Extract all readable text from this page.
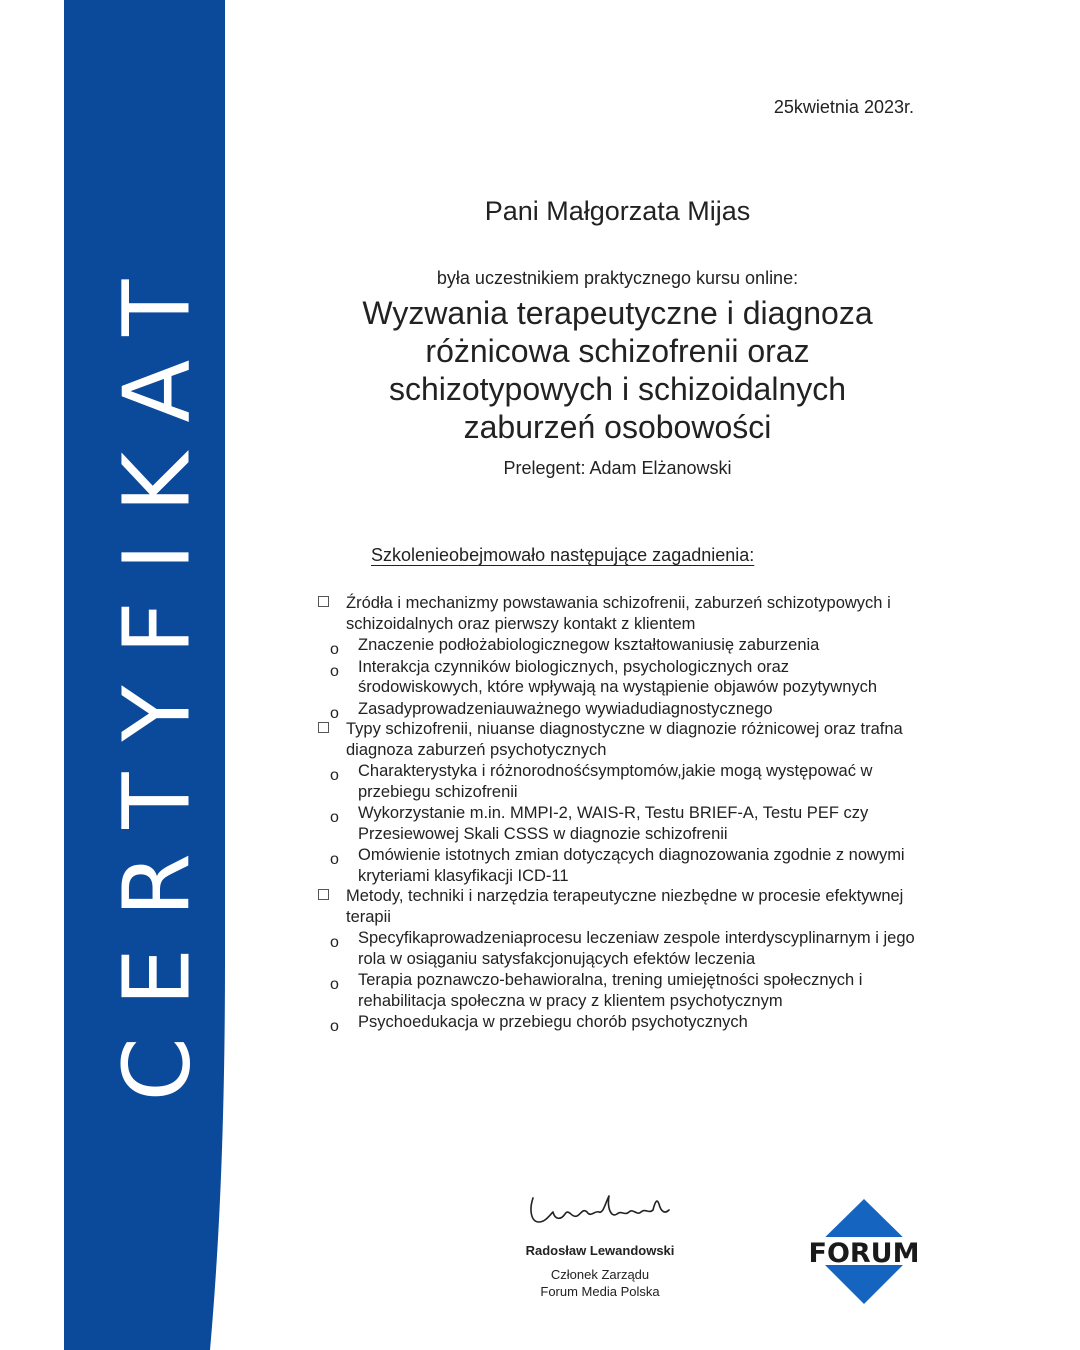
CERTYFIKAT
25kwietnia 2023r.
Pani Małgorzata Mijas
była uczestnikiem praktycznego kursu online:
Wyzwania terapeutyczne i diagnoza
różnicowa schizofrenii oraz
schizotypowych i schizoidalnych
zaburzeń osobowości
Prelegent: Adam Elżanowski
Szkolenieobejmowało następujące zagadnienia:
Źródła i mechanizmy powstawania schizofrenii, zaburzeń schizotypowych i schizoidalnych oraz pierwszy kontakt z klientem
o Znaczenie podłożabiologicznegow kształtowaniusię zaburzenia
o Interakcja czynników biologicznych, psychologicznych oraz środowiskowych, które wpływają na wystąpienie objawów pozytywnych
o Zasadyprowadzeniauważnego wywiadudiagnostycznego
Typy schizofrenii, niuanse diagnostyczne w diagnozie różnicowej oraz trafna diagnoza zaburzeń psychotycznych
o Charakterystyka i różnorodnośćsymptomów,jakie mogą występować w przebiegu schizofrenii
o Wykorzystanie m.in. MMPI-2, WAIS-R, Testu BRIEF-A, Testu PEF czy Przesiewowej Skali CSSS w diagnozie schizofrenii
o Omówienie istotnych zmian dotyczących diagnozowania zgodnie z nowymi kryteriami klasyfikacji ICD-11
Metody, techniki i narzędzia terapeutyczne niezbędne w procesie efektywnej terapii
o Specyfikaprowadzeniaprocesu leczeniaw zespole interdyscyplinarnym i jego rola w osiąganiu satysfakcjonujących efektów leczenia
o Terapia poznawczo-behawioralna, trening umiejętności społecznych i rehabilitacja społeczna w pracy z klientem psychotycznym
o Psychoedukacja w przebiegu chorób psychotycznych
Radosław Lewandowski
Członek Zarządu
Forum Media Polska
FORUM
